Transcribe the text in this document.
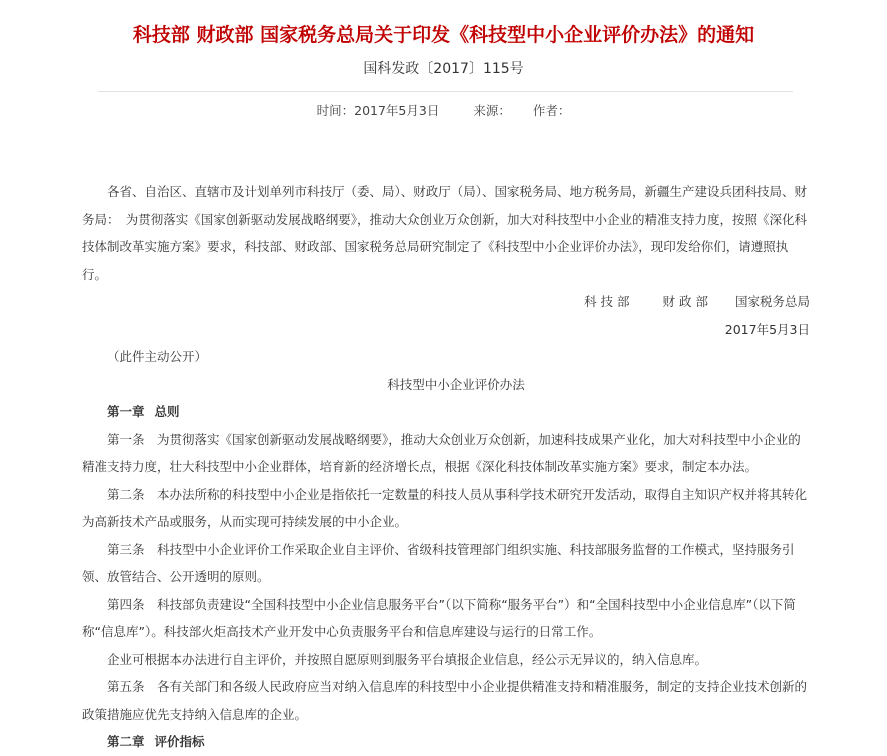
科技部 财政部 国家税务总局关于印发《科技型中小企业评价办法》的通知
国科发政〔2017〕115号
时间：2017年5月3日	来源： 作者：

各省、自治区、直辖市及计划单列市科技厅（委、局）、财政厅（局）、国家税务局、地方税务局，新疆生产建设兵团科技局、财务局：　为贯彻落实《国家创新驱动发展战略纲要》，推动大众创业万众创新，加大对科技型中小企业的精准支持力度，按照《深化科技体制改革实施方案》要求，科技部、财政部、国家税务总局研究制定了《科技型中小企业评价办法》，现印发给你们，请遵照执行。

科 技 部	财 政 部 国家税务总局

2017年5月3日

（此件主动公开）

科技型中小企业评价办法

第一章 总则

第一条　为贯彻落实《国家创新驱动发展战略纲要》，推动大众创业万众创新，加速科技成果产业化，加大对科技型中小企业的精准支持力度，壮大科技型中小企业群体，培育新的经济增长点，根据《深化科技体制改革实施方案》要求，制定本办法。

第二条　本办法所称的科技型中小企业是指依托一定数量的科技人员从事科学技术研究开发活动，取得自主知识产权并将其转化为高新技术产品或服务，从而实现可持续发展的中小企业。

第三条　科技型中小企业评价工作采取企业自主评价、省级科技管理部门组织实施、科技部服务监督的工作模式，坚持服务引领、放管结合、公开透明的原则。

第四条　科技部负责建设“全国科技型中小企业信息服务平台”（以下简称“服务平台”）和“全国科技型中小企业信息库”（以下简称“信息库”）。科技部火炬高技术产业开发中心负责服务平台和信息库建设与运行的日常工作。

企业可根据本办法进行自主评价，并按照自愿原则到服务平台填报企业信息，经公示无异议的，纳入信息库。

第五条　各有关部门和各级人民政府应当对纳入信息库的科技型中小企业提供精准支持和精准服务，制定的支持企业技术创新的政策措施应优先支持纳入信息库的企业。

第二章 评价指标
